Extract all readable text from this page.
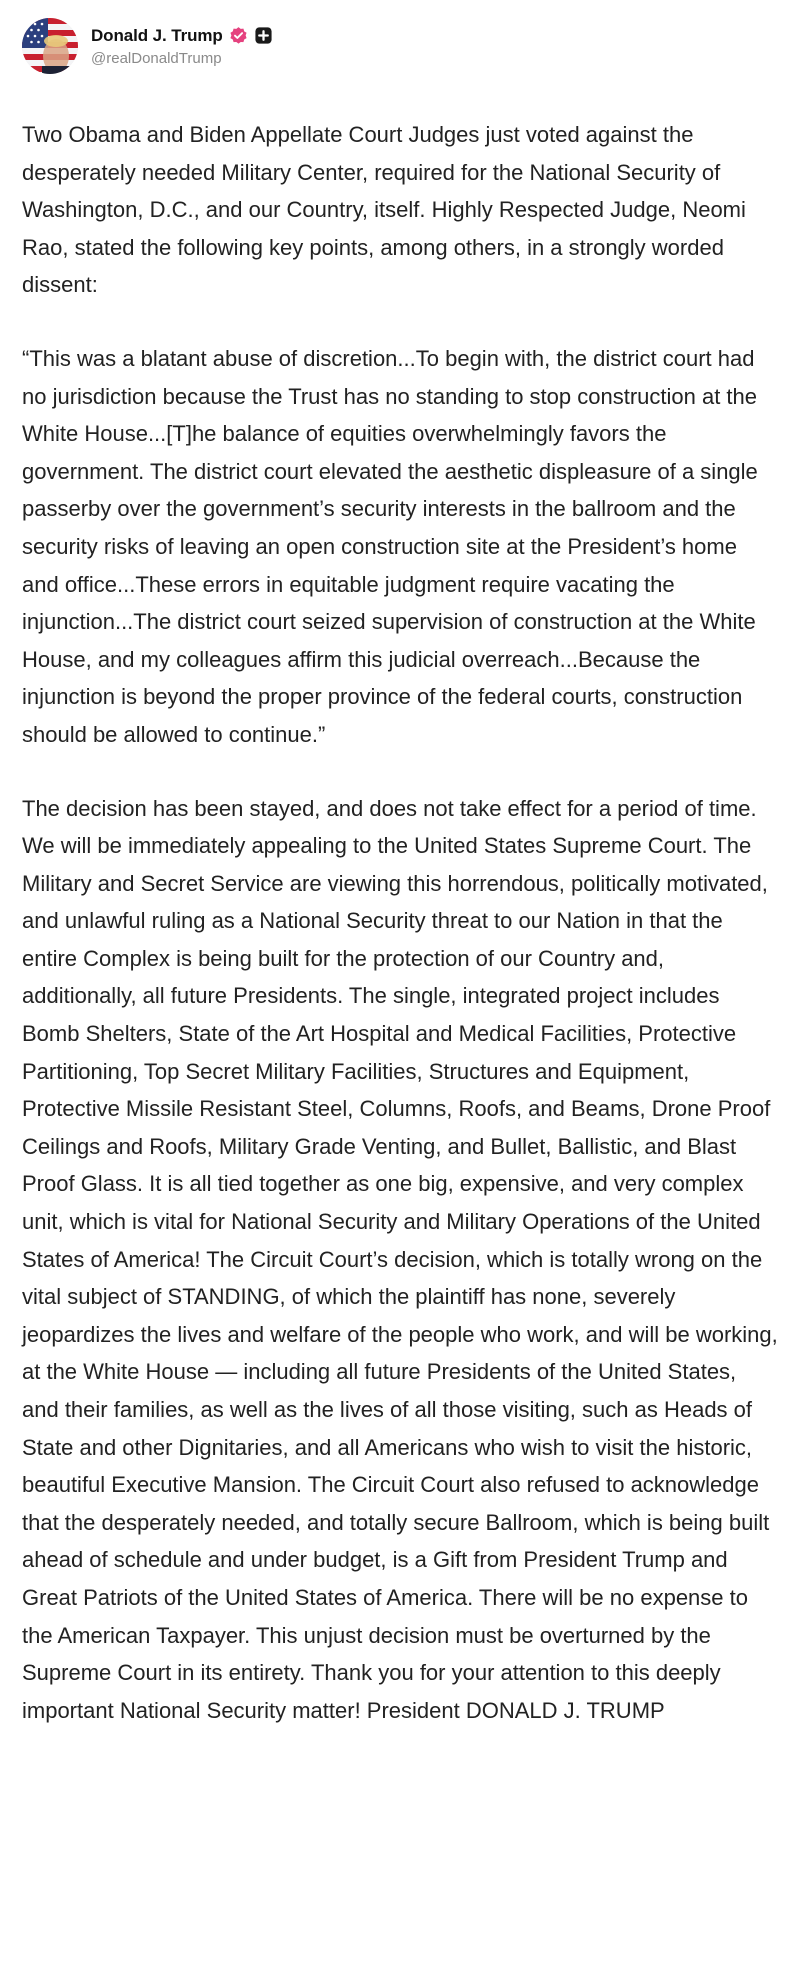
Donald J. Trump
@realDonaldTrump

Two Obama and Biden Appellate Court Judges just voted against the desperately needed Military Center, required for the National Security of Washington, D.C., and our Country, itself. Highly Respected Judge, Neomi Rao, stated the following key points, among others, in a strongly worded dissent:

“This was a blatant abuse of discretion...To begin with, the district court had no jurisdiction because the Trust has no standing to stop construction at the White House...[T]he balance of equities overwhelmingly favors the government. The district court elevated the aesthetic displeasure of a single passerby over the government’s security interests in the ballroom and the security risks of leaving an open construction site at the President’s home and office...These errors in equitable judgment require vacating the injunction...The district court seized supervision of construction at the White House, and my colleagues affirm this judicial overreach...Because the injunction is beyond the proper province of the federal courts, construction should be allowed to continue.”

The decision has been stayed, and does not take effect for a period of time. We will be immediately appealing to the United States Supreme Court. The Military and Secret Service are viewing this horrendous, politically motivated, and unlawful ruling as a National Security threat to our Nation in that the entire Complex is being built for the protection of our Country and, additionally, all future Presidents. The single, integrated project includes Bomb Shelters, State of the Art Hospital and Medical Facilities, Protective Partitioning, Top Secret Military Facilities, Structures and Equipment, Protective Missile Resistant Steel, Columns, Roofs, and Beams, Drone Proof Ceilings and Roofs, Military Grade Venting, and Bullet, Ballistic, and Blast Proof Glass. It is all tied together as one big, expensive, and very complex unit, which is vital for National Security and Military Operations of the United States of America! The Circuit Court’s decision, which is totally wrong on the vital subject of STANDING, of which the plaintiff has none, severely jeopardizes the lives and welfare of the people who work, and will be working, at the White House — including all future Presidents of the United States, and their families, as well as the lives of all those visiting, such as Heads of State and other Dignitaries, and all Americans who wish to visit the historic, beautiful Executive Mansion. The Circuit Court also refused to acknowledge that the desperately needed, and totally secure Ballroom, which is being built ahead of schedule and under budget, is a Gift from President Trump and Great Patriots of the United States of America. There will be no expense to the American Taxpayer. This unjust decision must be overturned by the Supreme Court in its entirety. Thank you for your attention to this deeply important National Security matter! President DONALD J. TRUMP
